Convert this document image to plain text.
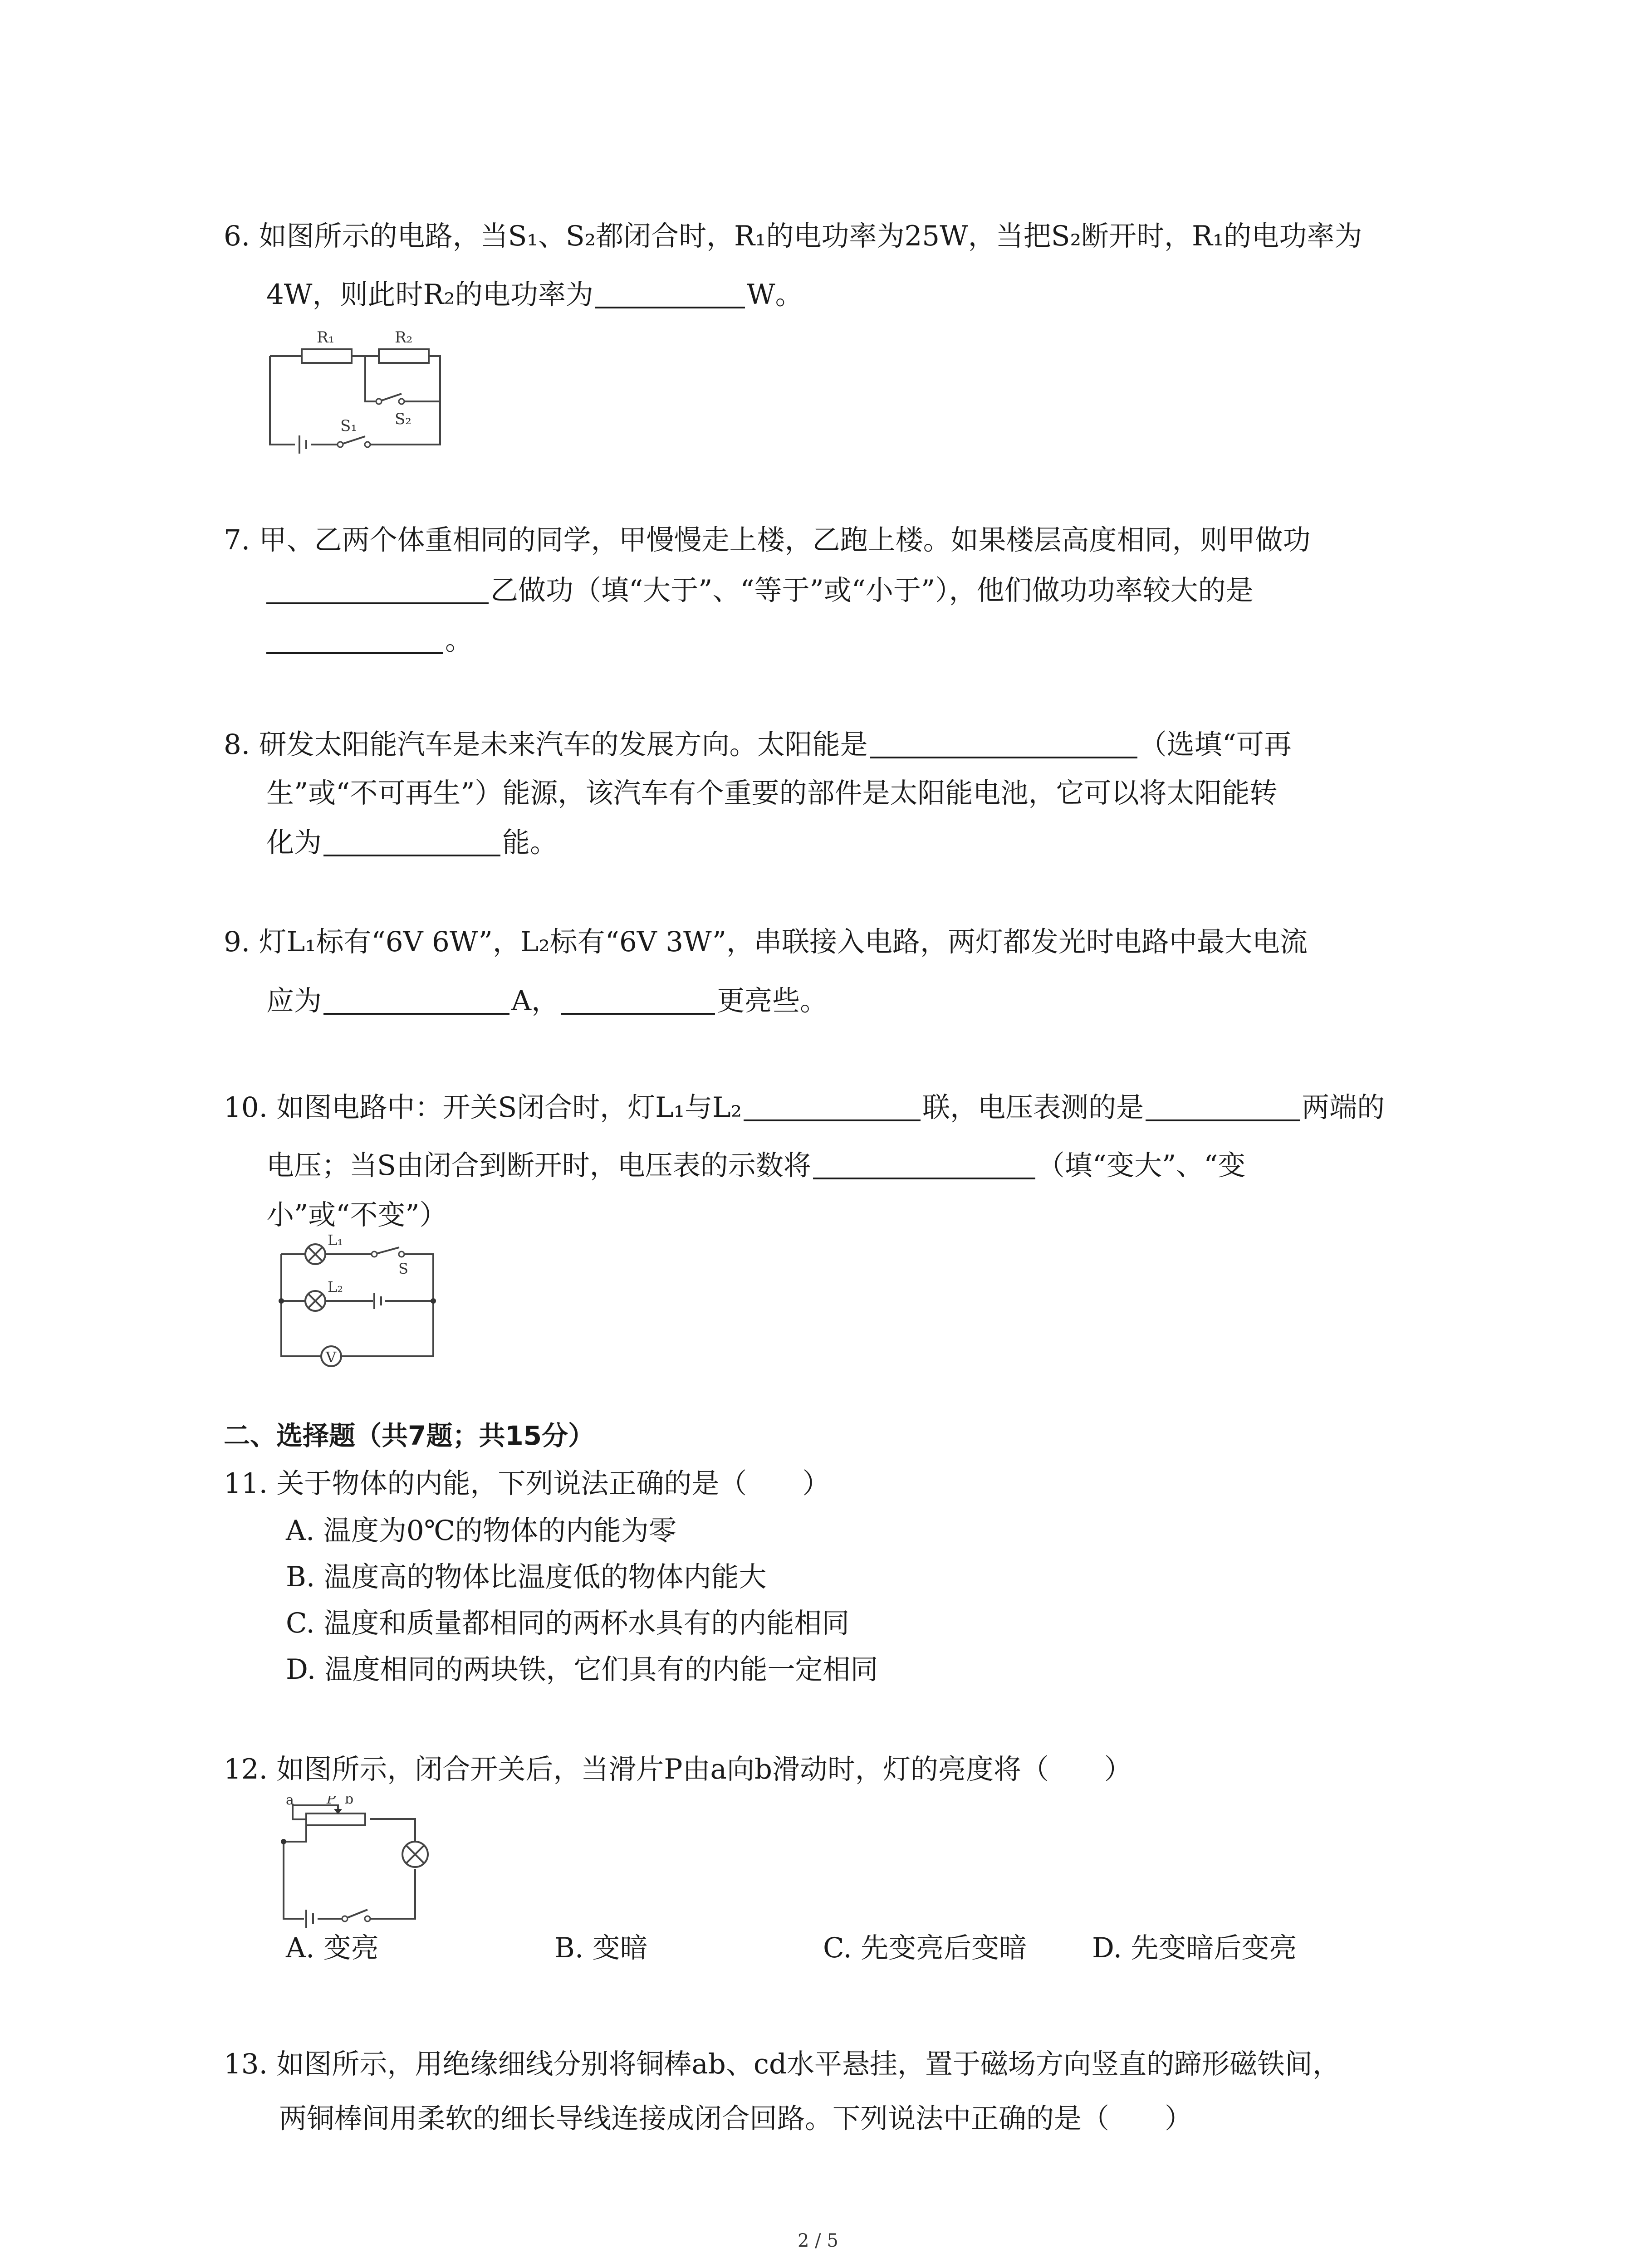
6. 如图所示的电路，当S₁、S₂都闭合时，R₁的电功率为25W，当把S₂断开时，R₁的电功率为
4W，则此时R₂的电功率为	W。
R₁	R₂
S₂
S₁
7. 甲、乙两个体重相同的同学，甲慢慢走上楼，乙跑上楼。如果楼层高度相同，则甲做功
乙做功（填“大于”、“等于”或“小于”），他们做功功率较大的是
。
8. 研发太阳能汽车是未来汽车的发展方向。太阳能是	（选填“可再
生”或“不可再生”）能源，该汽车有个重要的部件是太阳能电池，它可以将太阳能转
化为	能。
9. 灯L₁标有“6V 6W”，L₂标有“6V 3W”，串联接入电路，两灯都发光时电路中最大电流
应为	A，	更亮些。
10. 如图电路中：开关S闭合时，灯L₁与L₂	联，电压表测的是	两端的
电压；当S由闭合到断开时，电压表的示数将	（填“变大”、“变
小”或“不变”）
L₁
L₂
S
V
二、选择题（共7题；共15分）
11. 关于物体的内能，下列说法正确的是（　　）
A. 温度为0℃的物体的内能为零
B. 温度高的物体比温度低的物体内能大
C. 温度和质量都相同的两杯水具有的内能相同
D. 温度相同的两块铁，它们具有的内能一定相同
12. 如图所示，闭合开关后，当滑片P由a向b滑动时，灯的亮度将（　　）
a P b
A. 变亮	B. 变暗	C. 先变亮后变暗 D. 先变暗后变亮
13. 如图所示，用绝缘细线分别将铜棒ab、cd水平悬挂，置于磁场方向竖直的蹄形磁铁间，
两铜棒间用柔软的细长导线连接成闭合回路。下列说法中正确的是（　　）
2 / 5
